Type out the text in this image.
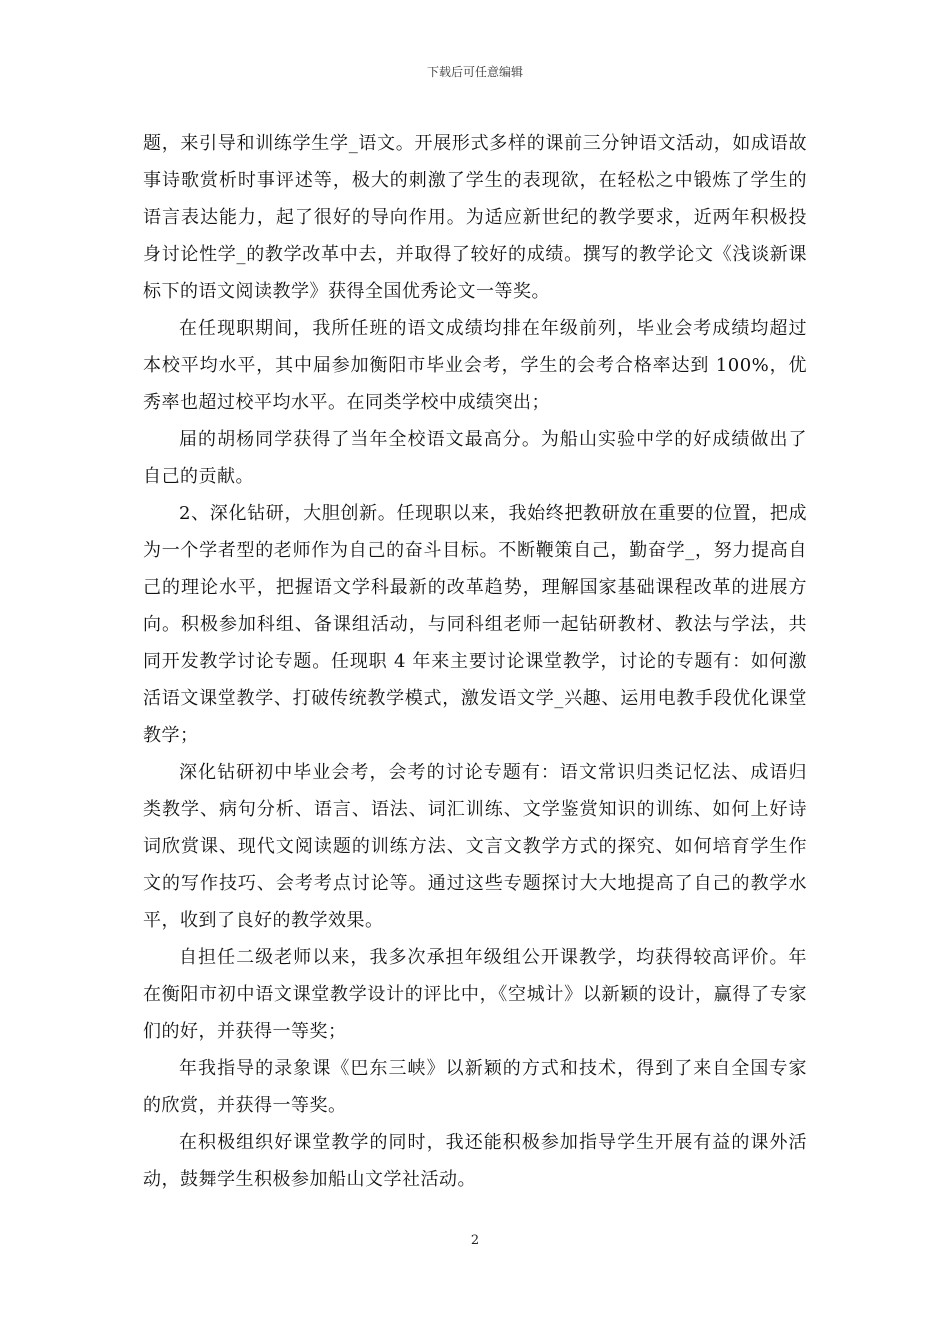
下载后可任意编辑

题，来引导和训练学生学_语文。开展形式多样的课前三分钟语文活动，如成语故事诗歌赏析时事评述等，极大的刺激了学生的表现欲，在轻松之中锻炼了学生的语言表达能力，起了很好的导向作用。为适应新世纪的教学要求，近两年积极投身讨论性学_的教学改革中去，并取得了较好的成绩。撰写的教学论文《浅谈新课标下的语文阅读教学》获得全国优秀论文一等奖。

在任现职期间，我所任班的语文成绩均排在年级前列，毕业会考成绩均超过本校平均水平，其中届参加衡阳市毕业会考，学生的会考合格率达到 100%，优秀率也超过校平均水平。在同类学校中成绩突出；

届的胡杨同学获得了当年全校语文最高分。为船山实验中学的好成绩做出了自己的贡献。

2、深化钻研，大胆创新。任现职以来，我始终把教研放在重要的位置，把成为一个学者型的老师作为自己的奋斗目标。不断鞭策自己，勤奋学_，努力提高自己的理论水平，把握语文学科最新的改革趋势，理解国家基础课程改革的进展方向。积极参加科组、备课组活动，与同科组老师一起钻研教材、教法与学法，共同开发教学讨论专题。任现职 4 年来主要讨论课堂教学，讨论的专题有：如何激活语文课堂教学、打破传统教学模式，激发语文学_兴趣、运用电教手段优化课堂教学；

深化钻研初中毕业会考，会考的讨论专题有：语文常识归类记忆法、成语归类教学、病句分析、语言、语法、词汇训练、文学鉴赏知识的训练、如何上好诗词欣赏课、现代文阅读题的训练方法、文言文教学方式的探究、如何培育学生作文的写作技巧、会考考点讨论等。通过这些专题探讨大大地提高了自己的教学水平，收到了良好的教学效果。

自担任二级老师以来，我多次承担年级组公开课教学，均获得较高评价。年在衡阳市初中语文课堂教学设计的评比中，《空城计》以新颖的设计，赢得了专家们的好，并获得一等奖；

年我指导的录象课《巴东三峡》以新颖的方式和技术，得到了来自全国专家的欣赏，并获得一等奖。

在积极组织好课堂教学的同时，我还能积极参加指导学生开展有益的课外活动，鼓舞学生积极参加船山文学社活动。

2
